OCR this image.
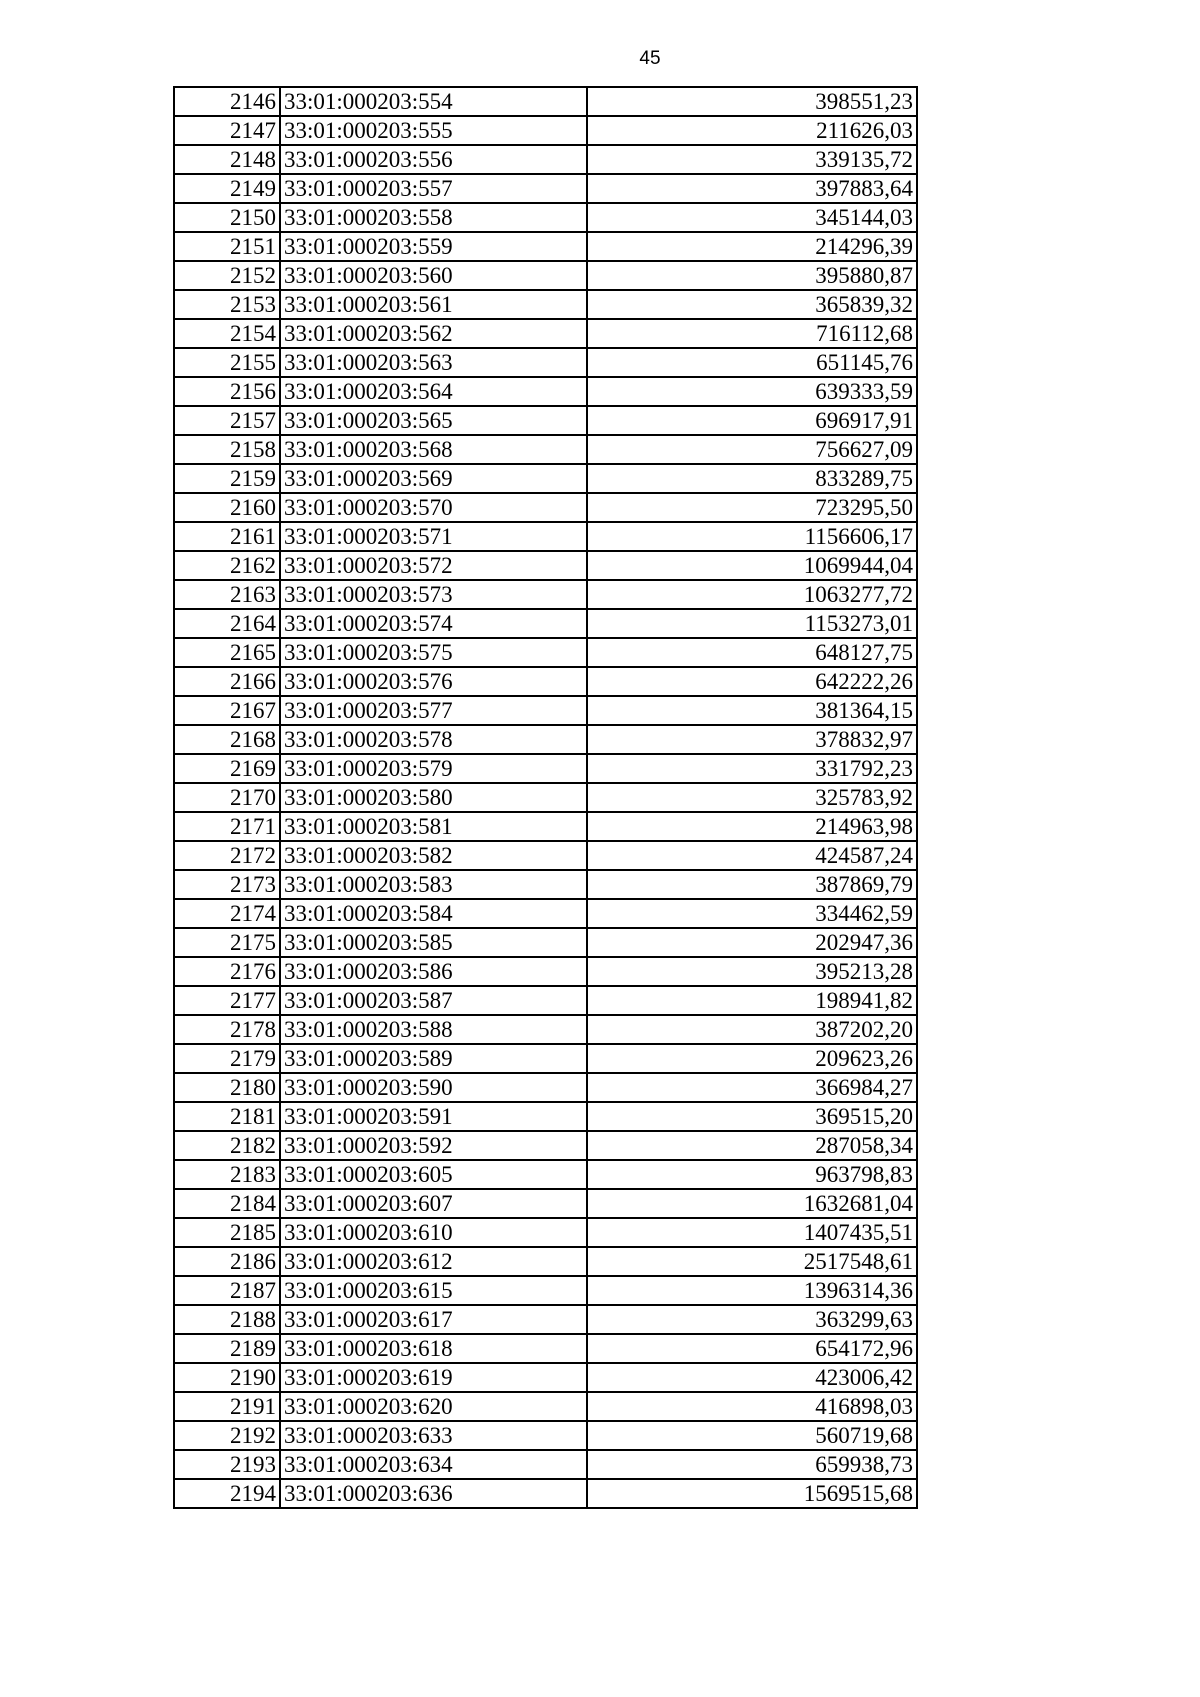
45
2146	33:01:000203:554	398551,23
2147	33:01:000203:555	211626,03
2148	33:01:000203:556	339135,72
2149	33:01:000203:557	397883,64
2150	33:01:000203:558	345144,03
2151	33:01:000203:559	214296,39
2152	33:01:000203:560	395880,87
2153	33:01:000203:561	365839,32
2154	33:01:000203:562	716112,68
2155	33:01:000203:563	651145,76
2156	33:01:000203:564	639333,59
2157	33:01:000203:565	696917,91
2158	33:01:000203:568	756627,09
2159	33:01:000203:569	833289,75
2160	33:01:000203:570	723295,50
2161	33:01:000203:571	1156606,17
2162	33:01:000203:572	1069944,04
2163	33:01:000203:573	1063277,72
2164	33:01:000203:574	1153273,01
2165	33:01:000203:575	648127,75
2166	33:01:000203:576	642222,26
2167	33:01:000203:577	381364,15
2168	33:01:000203:578	378832,97
2169	33:01:000203:579	331792,23
2170	33:01:000203:580	325783,92
2171	33:01:000203:581	214963,98
2172	33:01:000203:582	424587,24
2173	33:01:000203:583	387869,79
2174	33:01:000203:584	334462,59
2175	33:01:000203:585	202947,36
2176	33:01:000203:586	395213,28
2177	33:01:000203:587	198941,82
2178	33:01:000203:588	387202,20
2179	33:01:000203:589	209623,26
2180	33:01:000203:590	366984,27
2181	33:01:000203:591	369515,20
2182	33:01:000203:592	287058,34
2183	33:01:000203:605	963798,83
2184	33:01:000203:607	1632681,04
2185	33:01:000203:610	1407435,51
2186	33:01:000203:612	2517548,61
2187	33:01:000203:615	1396314,36
2188	33:01:000203:617	363299,63
2189	33:01:000203:618	654172,96
2190	33:01:000203:619	423006,42
2191	33:01:000203:620	416898,03
2192	33:01:000203:633	560719,68
2193	33:01:000203:634	659938,73
2194	33:01:000203:636	1569515,68
